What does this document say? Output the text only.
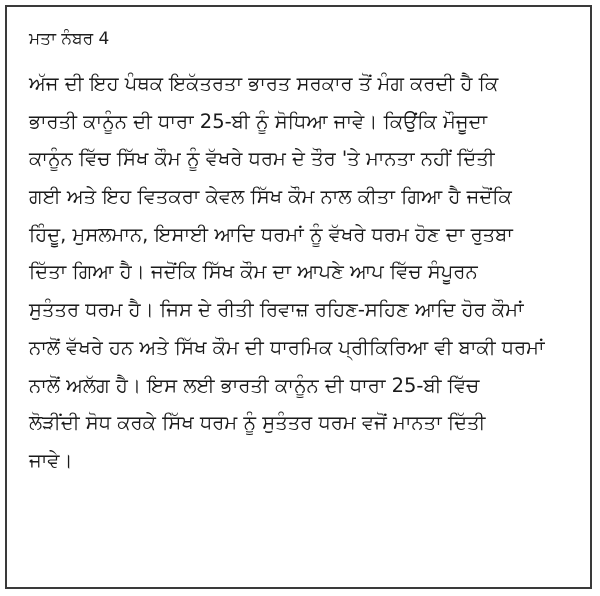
ਮਤਾ ਨੰਬਰ 4
ਅੱਜ ਦੀ ਇਹ ਪੰਥਕ ਇਕੱਤਰਤਾ ਭਾਰਤ ਸਰਕਾਰ ਤੋਂ ਮੰਗ ਕਰਦੀ ਹੈ ਕਿ
ਭਾਰਤੀ ਕਾਨੂੰਨ ਦੀ ਧਾਰਾ 25-ਬੀ ਨੂੰ ਸੋਧਿਆ ਜਾਵੇ। ਕਿਉਂਕਿ ਮੌਜੂਦਾ
ਕਾਨੂੰਨ ਵਿੱਚ ਸਿੱਖ ਕੌਮ ਨੂੰ ਵੱਖਰੇ ਧਰਮ ਦੇ ਤੌਰ 'ਤੇ ਮਾਨਤਾ ਨਹੀਂ ਦਿੱਤੀ
ਗਈ ਅਤੇ ਇਹ ਵਿਤਕਰਾ ਕੇਵਲ ਸਿੱਖ ਕੌਮ ਨਾਲ ਕੀਤਾ ਗਿਆ ਹੈ ਜਦੋਂਕਿ
ਹਿੰਦੂ, ਮੁਸਲਮਾਨ, ਇਸਾਈ ਆਦਿ ਧਰਮਾਂ ਨੂੰ ਵੱਖਰੇ ਧਰਮ ਹੋਣ ਦਾ ਰੁਤਬਾ
ਦਿੱਤਾ ਗਿਆ ਹੈ। ਜਦੋਂਕਿ ਸਿੱਖ ਕੌਮ ਦਾ ਆਪਣੇ ਆਪ ਵਿੱਚ ਸੰਪੂਰਨ
ਸੁਤੰਤਰ ਧਰਮ ਹੈ। ਜਿਸ ਦੇ ਰੀਤੀ ਰਿਵਾਜ਼ ਰਹਿਣ-ਸਹਿਣ ਆਦਿ ਹੋਰ ਕੌਮਾਂ
ਨਾਲੋਂ ਵੱਖਰੇ ਹਨ ਅਤੇ ਸਿੱਖ ਕੌਮ ਦੀ ਧਾਰਮਿਕ ਪ੍ਰੀਕਿਰਿਆ ਵੀ ਬਾਕੀ ਧਰਮਾਂ
ਨਾਲੋਂ ਅਲੱਗ ਹੈ। ਇਸ ਲਈ ਭਾਰਤੀ ਕਾਨੂੰਨ ਦੀ ਧਾਰਾ 25-ਬੀ ਵਿੱਚ
ਲੋੜੀਂਦੀ ਸੋਧ ਕਰਕੇ ਸਿੱਖ ਧਰਮ ਨੂੰ ਸੁਤੰਤਰ ਧਰਮ ਵਜੋਂ ਮਾਨਤਾ ਦਿੱਤੀ
ਜਾਵੇ।
